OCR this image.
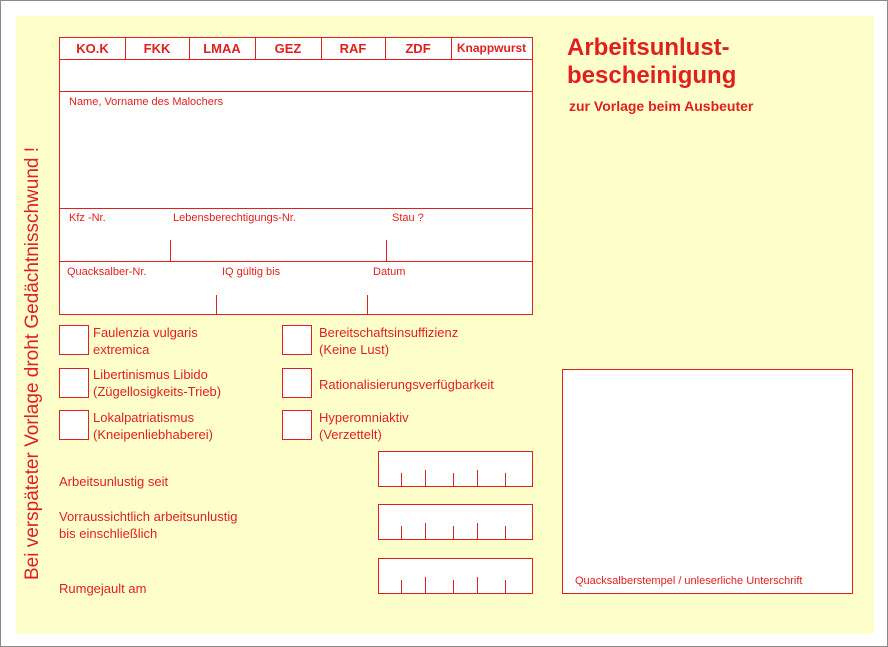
Bei verspäteter Vorlage droht Gedächtnisschwund !
Arbeitsunlust-
bescheinigung
zur Vorlage beim Ausbeuter
KO.K	FKK	LMAA	GEZ	RAF	ZDF	Knappwurst
Name, Vorname des Malochers
Kfz -Nr.	Lebensberechtigungs-Nr.	Stau ?
Quacksalber-Nr.	IQ gültig bis	Datum
Faulenzia vulgaris
extremica
Libertinismus Libido
(Zügellosigkeits-Trieb)
Lokalpatriatismus
(Kneipenliebhaberei)
Bereitschaftsinsuffizienz
(Keine Lust)
Rationalisierungsverfügbarkeit
Hyperomniaktiv
(Verzettelt)
Arbeitsunlustig seit
Vorraussichtlich arbeitsunlustig
bis einschließlich
Rumgejault am	Quacksalberstempel / unleserliche Unterschrift
